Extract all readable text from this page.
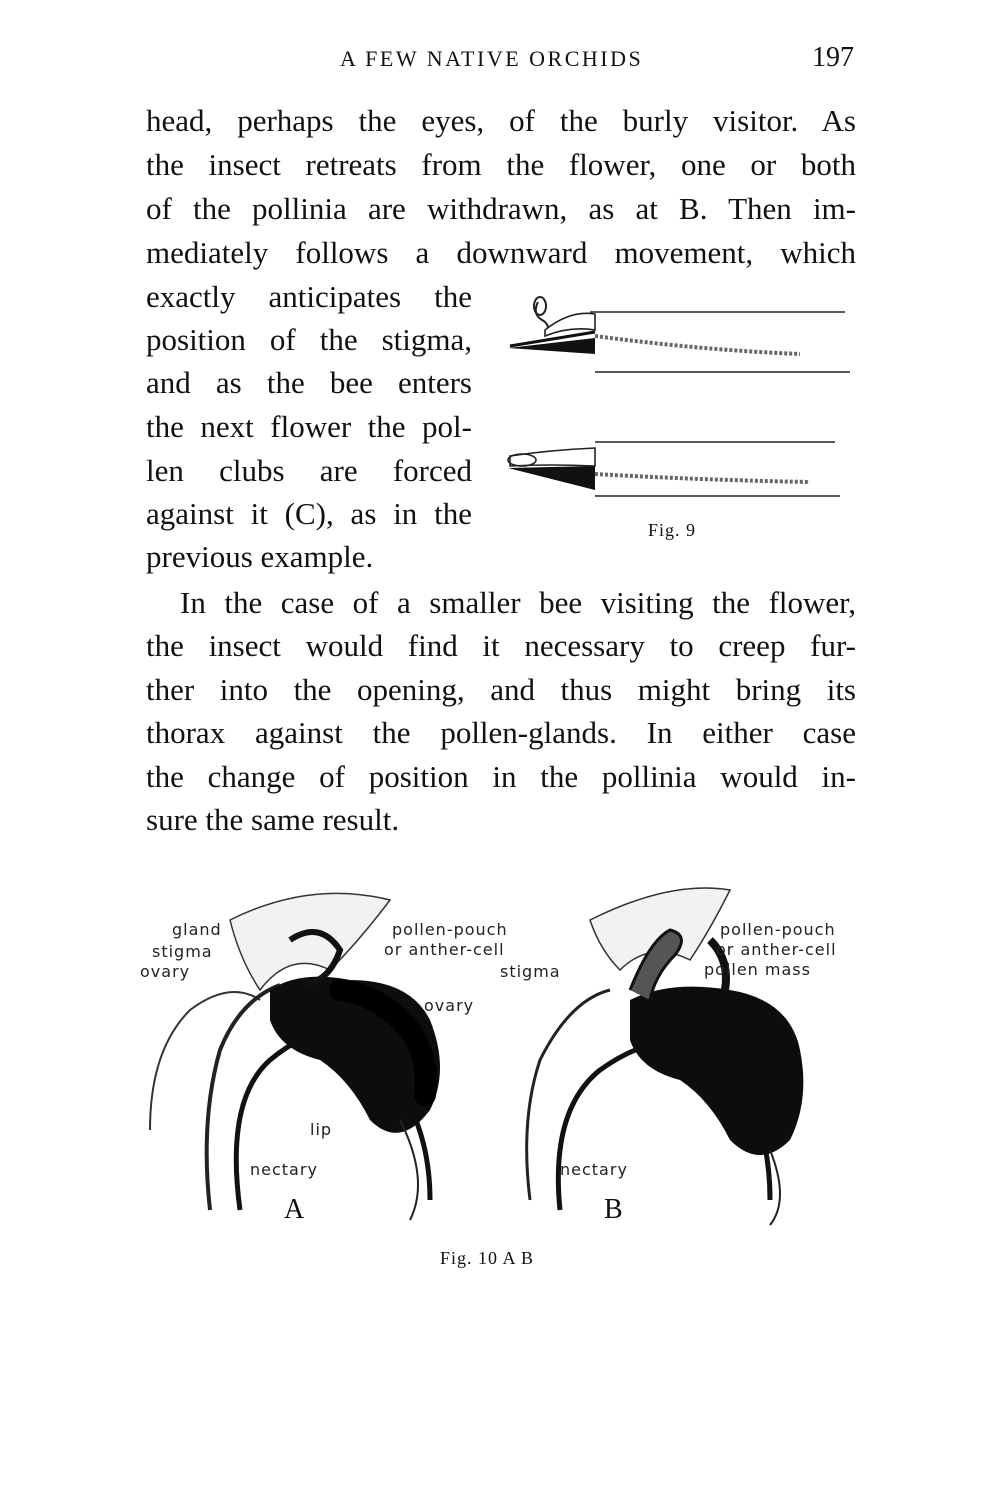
A FEW NATIVE ORCHIDS	197
head, perhaps the eyes, of the burly visitor. As
the insect retreats from the flower, one or both
of the pollinia are withdrawn, as at B. Then im-
mediately follows a downward movement, which
exactly anticipates the
position of the stigma,
and as the bee enters
the next flower the pol-
len clubs are forced
against it (C), as in the
previous example.
Fig. 9
In the case of a smaller bee visiting the flower,
the insect would find it necessary to creep fur-
ther into the opening, and thus might bring its
thorax against the pollen-glands. In either case
the change of position in the pollinia would in-
sure the same result.
gland
stigma
ovary
pollen-pouch
or anther-cell
lip
nectary
A
stigma
ovary
pollen-pouch
or anther-cell
pollen mass
nectary
B
Fig. 10 A B
